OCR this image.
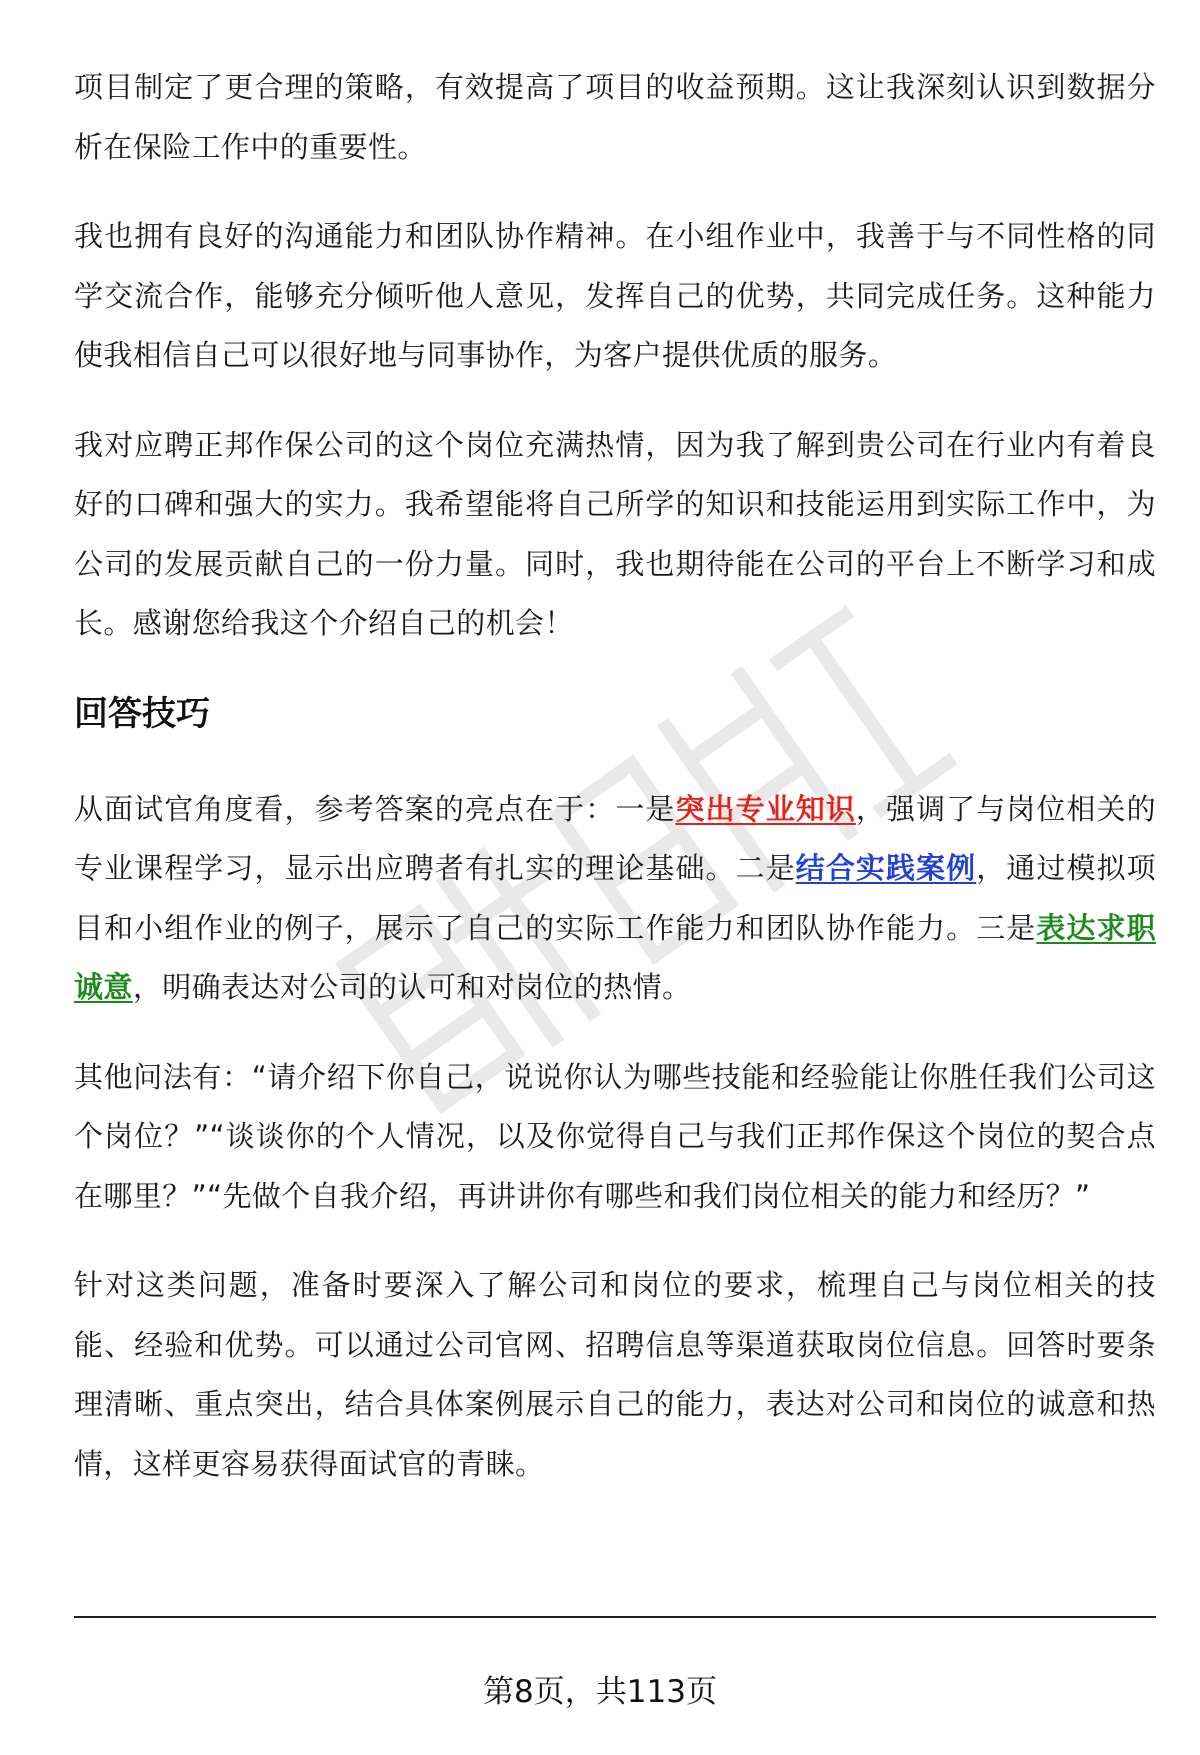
项目制定了更合理的策略，有效提高了项目的收益预期。这让我深刻认识到数据分析在保险工作中的重要性。

我也拥有良好的沟通能力和团队协作精神。在小组作业中，我善于与不同性格的同学交流合作，能够充分倾听他人意见，发挥自己的优势，共同完成任务。这种能力使我相信自己可以很好地与同事协作，为客户提供优质的服务。

我对应聘正邦作保公司的这个岗位充满热情，因为我了解到贵公司在行业内有着良好的口碑和强大的实力。我希望能将自己所学的知识和技能运用到实际工作中，为公司的发展贡献自己的一份力量。同时，我也期待能在公司的平台上不断学习和成长。感谢您给我这个介绍自己的机会！

回答技巧

从面试官角度看，参考答案的亮点在于：一是突出专业知识，强调了与岗位相关的专业课程学习，显示出应聘者有扎实的理论基础。二是结合实践案例，通过模拟项目和小组作业的例子，展示了自己的实际工作能力和团队协作能力。三是表达求职诚意，明确表达对公司的认可和对岗位的热情。

其他问法有：“请介绍下你自己，说说你认为哪些技能和经验能让你胜任我们公司这个岗位？”“谈谈你的个人情况，以及你觉得自己与我们正邦作保这个岗位的契合点在哪里？”“先做个自我介绍，再讲讲你有哪些和我们岗位相关的能力和经历？”

针对这类问题，准备时要深入了解公司和岗位的要求，梳理自己与岗位相关的技能、经验和优势。可以通过公司官网、招聘信息等渠道获取岗位信息。回答时要条理清晰、重点突出，结合具体案例展示自己的能力，表达对公司和岗位的诚意和热情，这样更容易获得面试官的青睐。

第8页，共113页
